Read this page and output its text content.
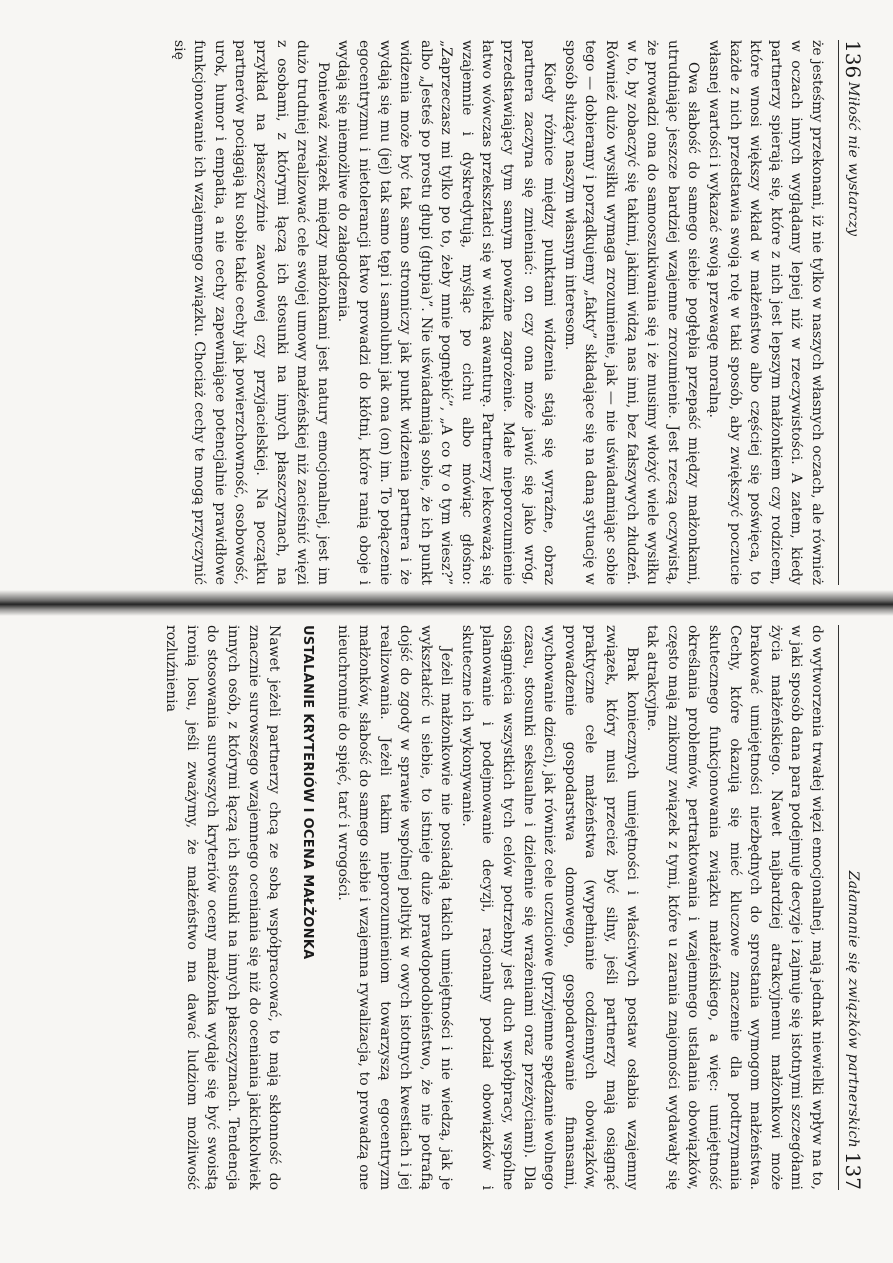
136
Miłość nie wystarczy

że jesteśmy przekonani, iż nie tylko w naszych własnych oczach, ale również w oczach innych wyglądamy lepiej niż w rzeczywistości. A zatem, kiedy partnerzy spierają się, które z nich jest lepszym małżonkiem czy rodzicem, które wnosi większy wkład w małżeństwo albo częściej się poświęca, to każde z nich przedstawia swoją rolę w taki sposób, aby zwiększyć poczucie własnej wartości i wykazać swoją przewagę moralną.

Owa słabość do samego siebie pogłębia przepaść między małżonkami, utrudniając jeszcze bardziej wzajemne zrozumienie. Jest rzeczą oczywistą, że prowadzi ona do samooszukiwania się i że musimy włożyć wiele wysiłku w to, by zobaczyć się takimi, jakimi widzą nas inni, bez fałszywych złudzeń. Również dużo wysiłku wymaga zrozumienie, jak — nie uświadamiając sobie tego — dobieramy i porządkujemy „fakty” składające się na daną sytuację w sposób służący naszym własnym interesom.

Kiedy różnice między punktami widzenia stają się wyraźne, obraz partnera zaczyna się zmieniać: on czy ona może jawić się jako wróg, przedstawiający tym samym poważne zagrożenie. Małe nieporozumienie łatwo wówczas przekształci się w wielką awanturę. Partnerzy lekceważą się wzajemnie i dyskredytują, myśląc po cichu albo mówiąc głośno: „Zaprzeczasz mi tylko po to, żeby mnie pognębić”, „A co ty o tym wiesz?” albo „Jesteś po prostu głupi (głupia)”. Nie uświadamiają sobie, że ich punkt widzenia może być tak samo stronniczy jak punkt widzenia partnera i że wydają się mu (jej) tak samo tępi i samolubni jak ona (on) im. To połączenie egocentryzmu i nietolerancji łatwo prowadzi do kłótni, które ranią oboje i wydają się niemożliwe do załagodzenia.

Ponieważ związek między małżonkami jest natury emocjonalnej, jest im dużo trudniej zrealizować cele swojej umowy małżeńskiej niż zacieśnić więzi z osobami, z którymi łączą ich stosunki na innych płaszczyznach, na przykład na płaszczyźnie zawodowej czy przyjacielskiej. Na początku partnerów pociągają ku sobie takie cechy jak powierzchowność, osobowość, urok, humor i empatia, a nie cechy zapewniające potencjalnie prawidłowe funkcjonowanie ich wzajemnego związku. Chociaż cechy te mogą przyczynić się

Załamanie się związków partnerskich
137

do wytworzenia trwałej więzi emocjonalnej, mają jednak niewielki wpływ na to, w jaki sposób dana para podejmuje decyzje i zajmuje się istotnymi szczegółami życia małżeńskiego. Nawet najbardziej atrakcyjnemu małżonkowi może brakować umiejętności niezbędnych do sprostania wymogom małżeństwa. Cechy, które okazują się mieć kluczowe znaczenie dla podtrzymania skutecznego funkcjonowania związku małżeńskiego, a więc: umiejętność określania problemów, pertraktowania i wzajemnego ustalania obowiązków, często mają znikomy związek z tymi, które u zarania znajomości wydawały się tak atrakcyjne.

Brak koniecznych umiejętności i właściwych postaw osłabia wzajemny związek, który musi przecież być silny, jeśli partnerzy mają osiągnąć praktyczne cele małżeństwa (wypełnianie codziennych obowiązków, prowadzenie gospodarstwa domowego, gospodarowanie finansami, wychowanie dzieci), jak również cele uczuciowe (przyjemne spędzanie wolnego czasu, stosunki seksualne i dzielenie się wrażeniami oraz przeżyciami). Dla osiągnięcia wszystkich tych celów potrzebny jest duch współpracy, wspólne planowanie i podejmowanie decyzji, racjonalny podział obowiązków i skuteczne ich wykonywanie.

Jeżeli małżonkowie nie posiadają takich umiejętności i nie wiedzą, jak je wykształcić u siebie, to istnieje duże prawdopodobieństwo, że nie potrafią dojść do zgody w sprawie wspólnej polityki w owych istotnych kwestiach i jej realizowania. Jeżeli takim nieporozumieniom towarzyszą egocentryzm małżonków, słabość do samego siebie i wzajemna rywalizacja, to prowadzą one nieuchronnie do spięć, tarć i wrogości.

USTALANIE KRYTERIÓW I OCENA MAŁŻONKA

Nawet jeżeli partnerzy chcą ze sobą współpracować, to mają skłonność do znacznie surowszego wzajemnego oceniania się niż do oceniania jakichkolwiek innych osób, z którymi łączą ich stosunki na innych płaszczyznach. Tendencja do stosowania surowszych kryteriów oceny małżonka wydaje się być swoistą ironią losu, jeśli zważymy, że małżeństwo ma dawać ludziom możliwość rozluźnienia
